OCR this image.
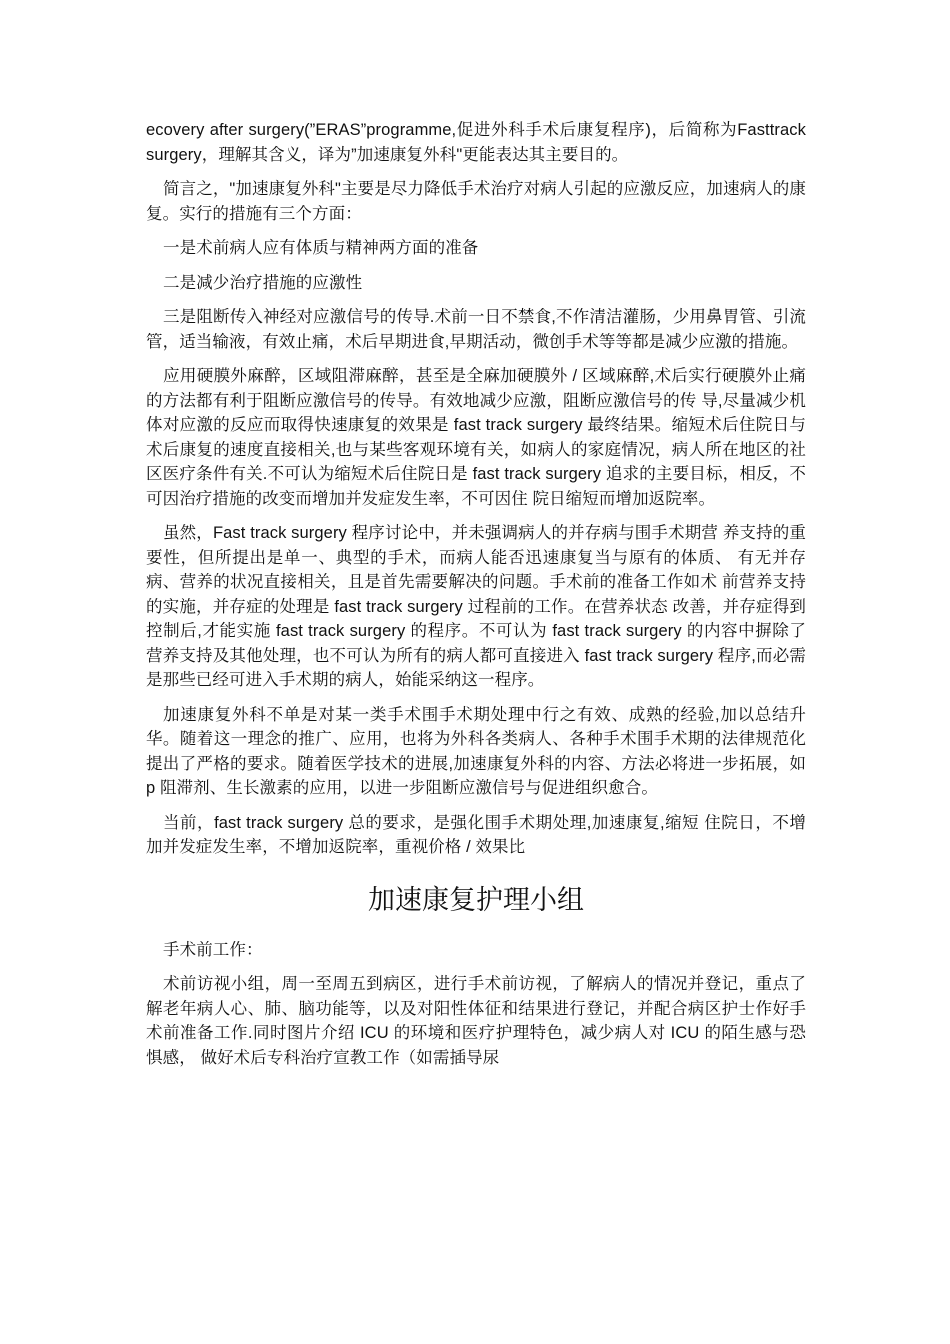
ecovery after surgery(”ERAS”programme,促进外科手术后康复程序)，后简称为Fasttrack surgery，理解其含义，译为”加速康复外科"更能表达其主要目的。

简言之，"加速康复外科"主要是尽力降低手术治疗对病人引起的应激反应，加速病人的康复。实行的措施有三个方面：

一是术前病人应有体质与精神两方面的准备

二是减少治疗措施的应激性

三是阻断传入神经对应激信号的传导.术前一日不禁食,不作清洁灌肠，少用鼻胃管、引流管，适当输液，有效止痛，术后早期进食,早期活动，微创手术等等都是减少应激的措施。

应用硬膜外麻醉，区域阻滞麻醉，甚至是全麻加硬膜外 / 区域麻醉,术后实行硬膜外止痛的方法都有利于阻断应激信号的传导。有效地减少应激，阻断应激信号的传 导,尽量减少机体对应激的反应而取得快速康复的效果是 fast track surgery 最终结果。缩短术后住院日与术后康复的速度直接相关,也与某些客观环境有关，如病人的家庭情况，病人所在地区的社区医疗条件有关.不可认为缩短术后住院日是 fast track surgery 追求的主要目标，相反，不可因治疗措施的改变而增加并发症发生率，不可因住 院日缩短而增加返院率。

虽然，Fast track surgery 程序讨论中，并未强调病人的并存病与围手术期营 养支持的重要性，但所提出是单一、典型的手术，而病人能否迅速康复当与原有的体质、 有无并存病、营养的状况直接相关，且是首先需要解决的问题。手术前的准备工作如术 前营养支持的实施，并存症的处理是 fast track surgery 过程前的工作。在营养状态 改善，并存症得到控制后,才能实施 fast track surgery 的程序。不可认为 fast track surgery 的内容中摒除了营养支持及其他处理，也不可认为所有的病人都可直接进入 fast track surgery 程序,而必需是那些已经可进入手术期的病人，始能采纳这一程序。

加速康复外科不单是对某一类手术围手术期处理中行之有效、成熟的经验,加以总结升华。随着这一理念的推广、应用，也将为外科各类病人、各种手术围手术期的法律规范化提出了严格的要求。随着医学技术的进展,加速康复外科的内容、方法必将进一步拓展，如 p 阻滞剂、生长激素的应用，以进一步阻断应激信号与促进组织愈合。

当前，fast track surgery 总的要求，是强化围手术期处理,加速康复,缩短 住院日，不增加并发症发生率，不增加返院率，重视价格 / 效果比

加速康复护理小组

手术前工作：

术前访视小组，周一至周五到病区，进行手术前访视，了解病人的情况并登记，重点了解老年病人心、肺、脑功能等，以及对阳性体征和结果进行登记，并配合病区护士作好手术前准备工作.同时图片介绍 ICU 的环境和医疗护理特色，减少病人对 ICU 的陌生感与恐惧感， 做好术后专科治疗宣教工作（如需插导尿
